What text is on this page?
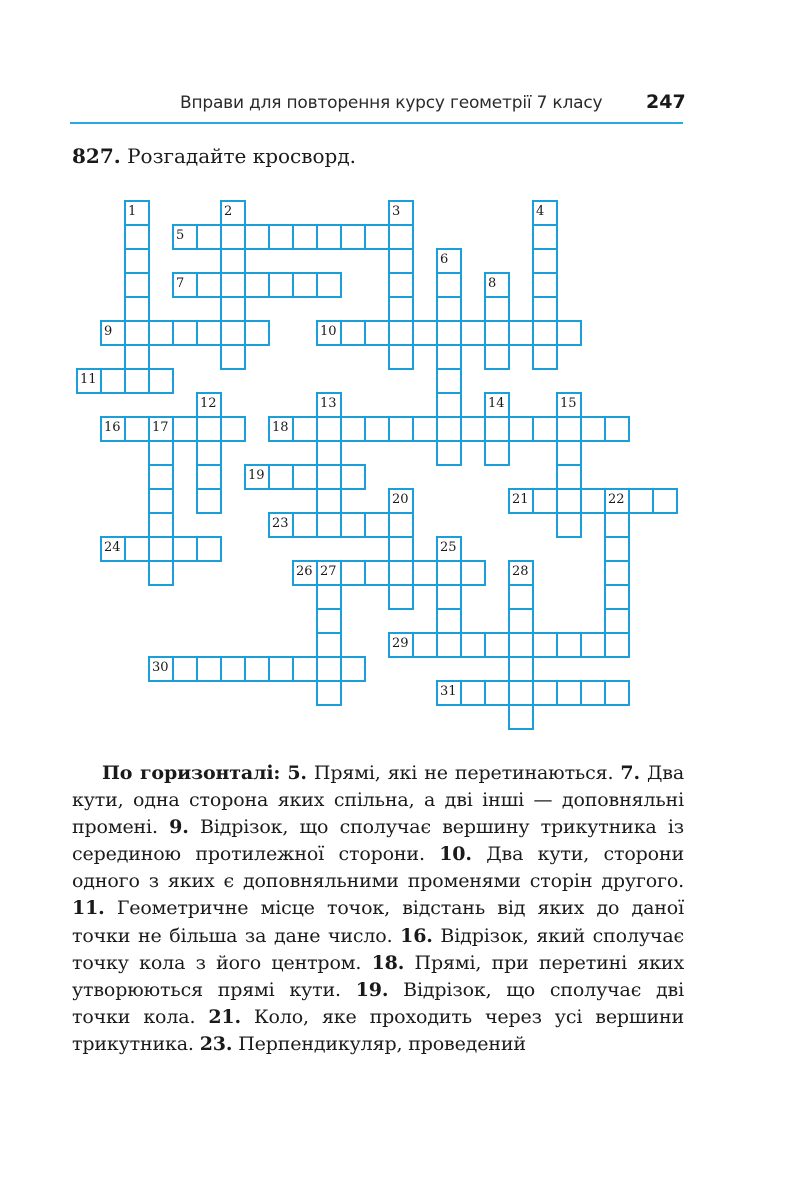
Вправи для повторення курсу геометрії 7 класу 247
827. Розгадайте кросворд.
1	2	3	4
5
6
7	8
9	10
11
12	13	14	15
16 17	18
19
20	21	22
23
24	25
26 27	28
29
30
31

По горизонталі: 5. Прямі, які не перетинаються. 7. Два кути, одна сторона яких спільна, а дві інші — доповняльні промені. 9. Відрізок, що сполучає вершину трикутника із серединою протилежної сторони. 10. Два кути, сторони одного з яких є доповняльними променями сторін другого. 11. Геометричне місце точок, відстань від яких до даної точки не більша за дане число. 16. Відрізок, який сполучає точку кола з його центром. 18. Прямі, при перетині яких утворюються прямі кути. 19. Відрізок, що сполучає дві точки кола. 21. Коло, яке проходить через усі вершини трикутника. 23. Перпендикуляр, проведений
